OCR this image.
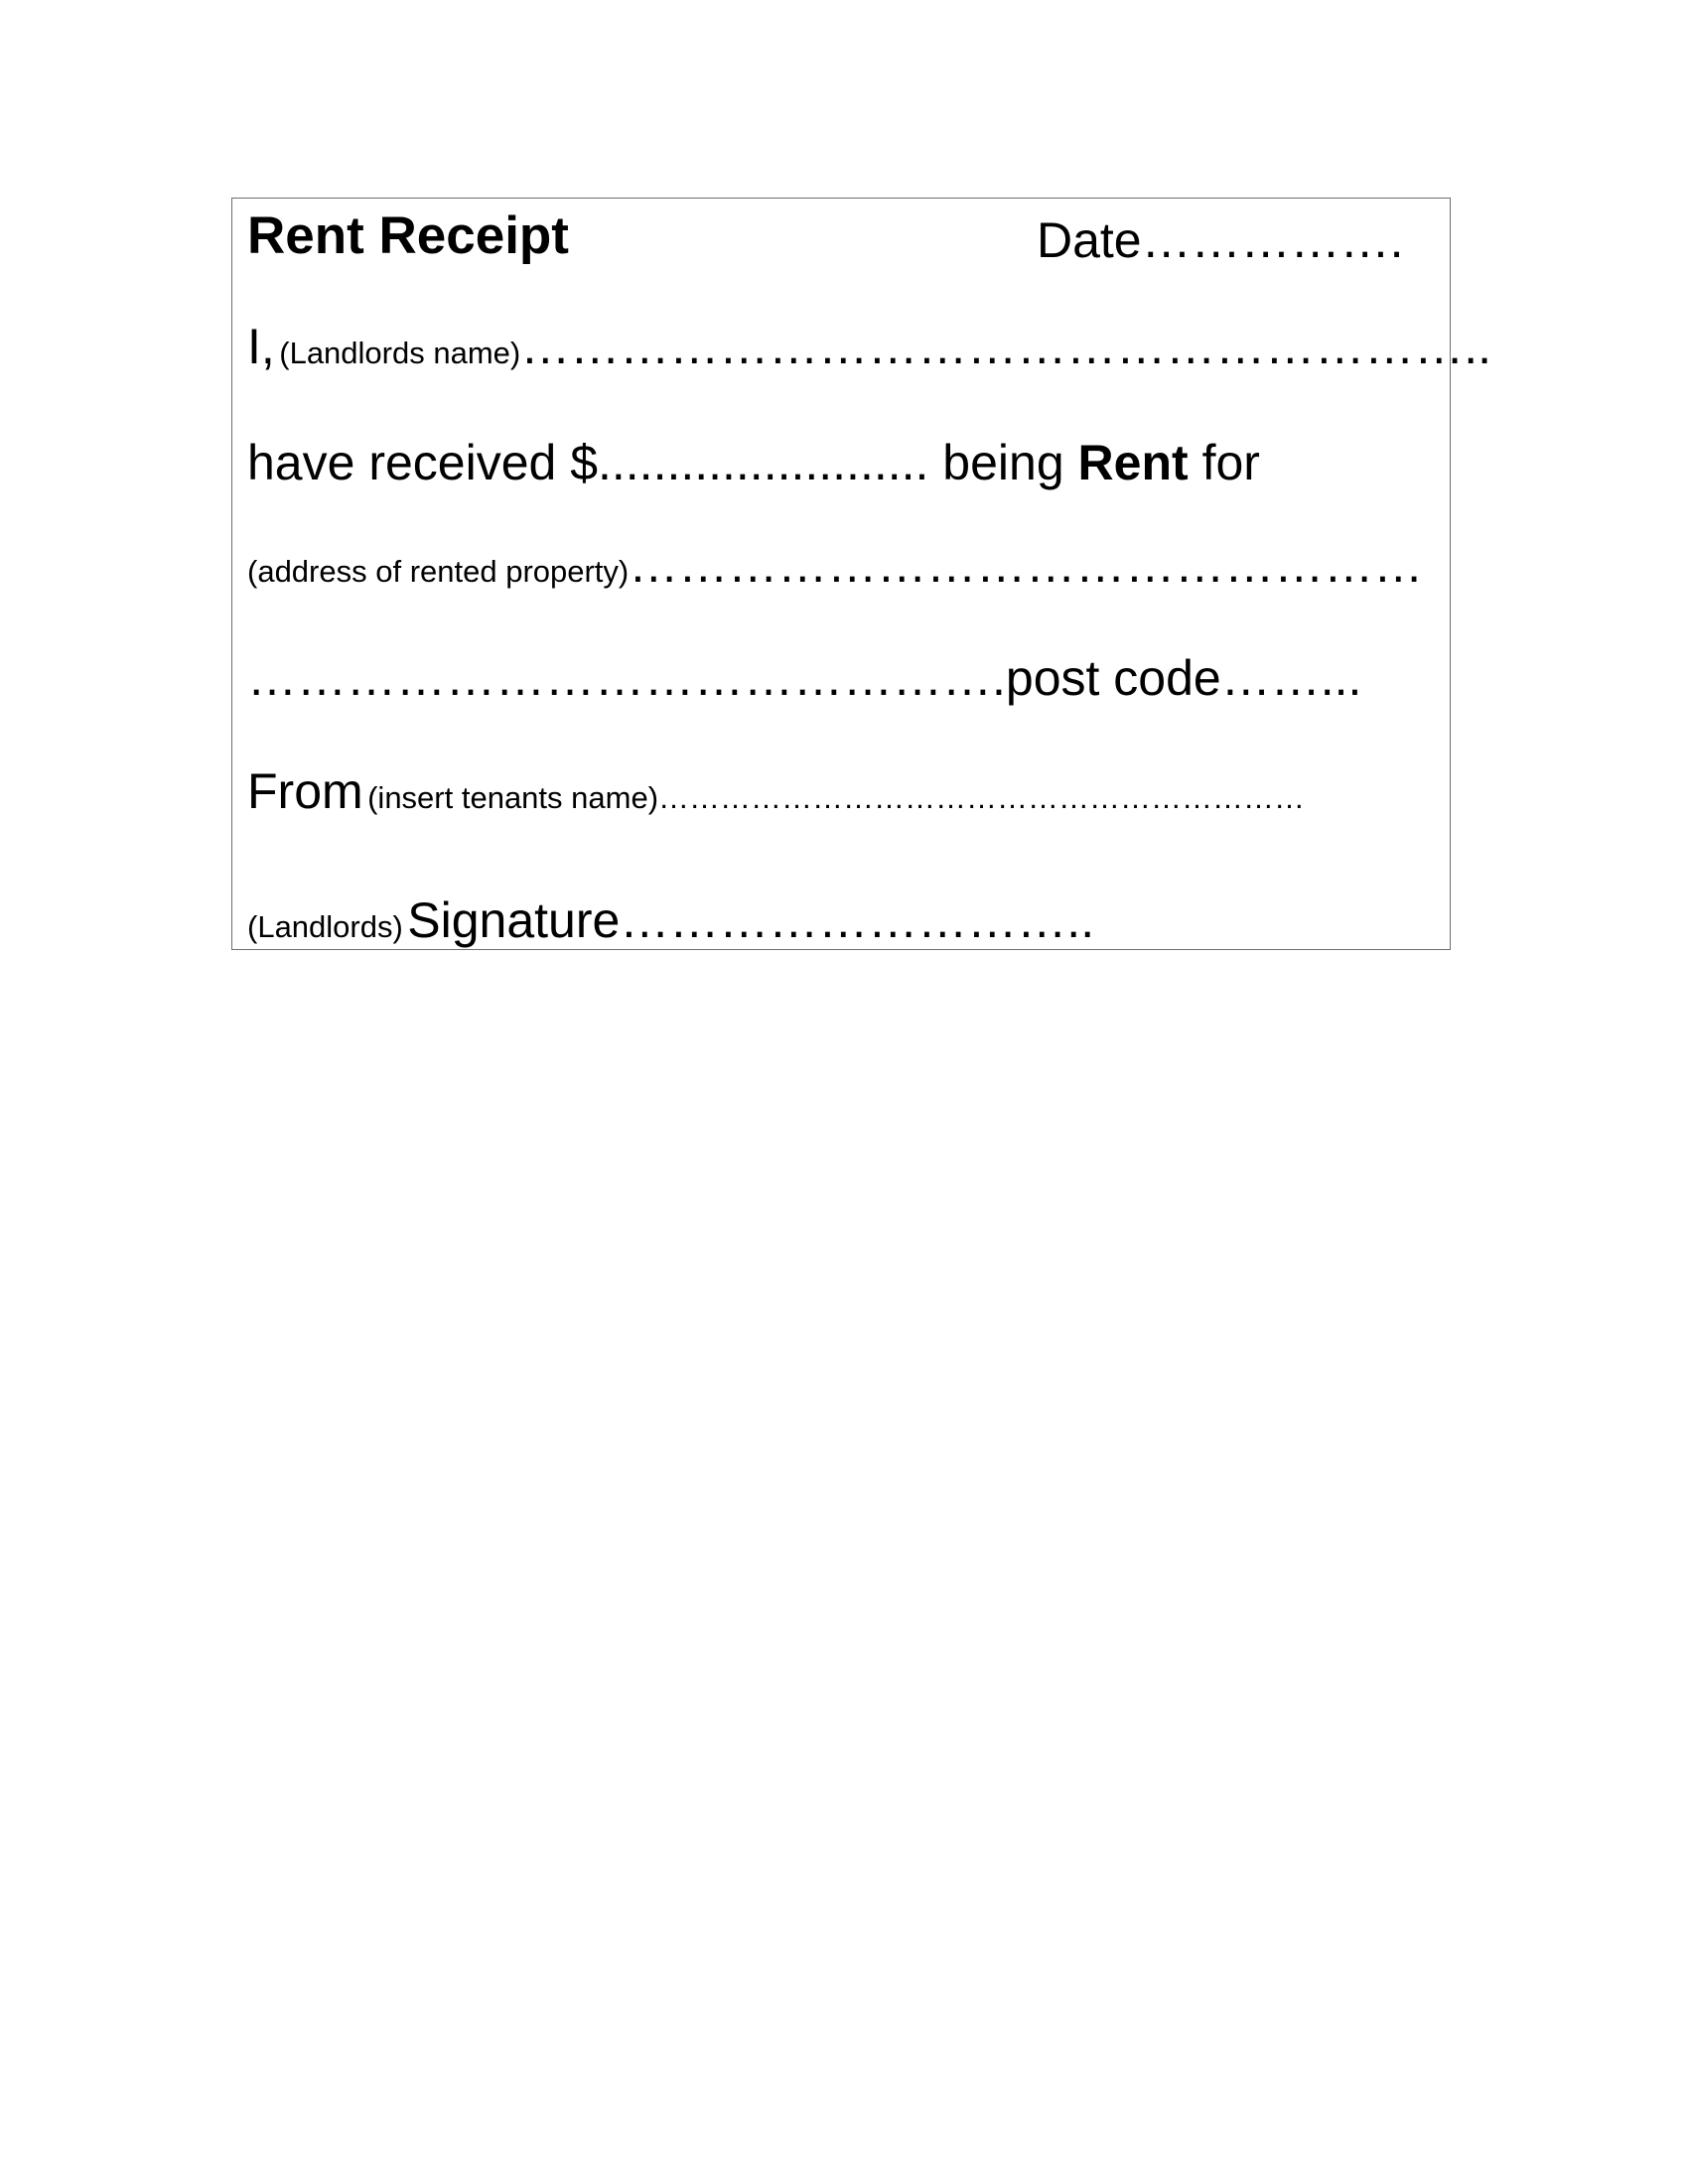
Rent Receipt	Date…………….
I, (Landlords name)…………………………………………………..
have received $........................ being Rent for
(address of rented property)…………………………………………
……………………………………….post code……...
From (insert tenants name)………………………………………………………
(Landlords) Signature………………………..
